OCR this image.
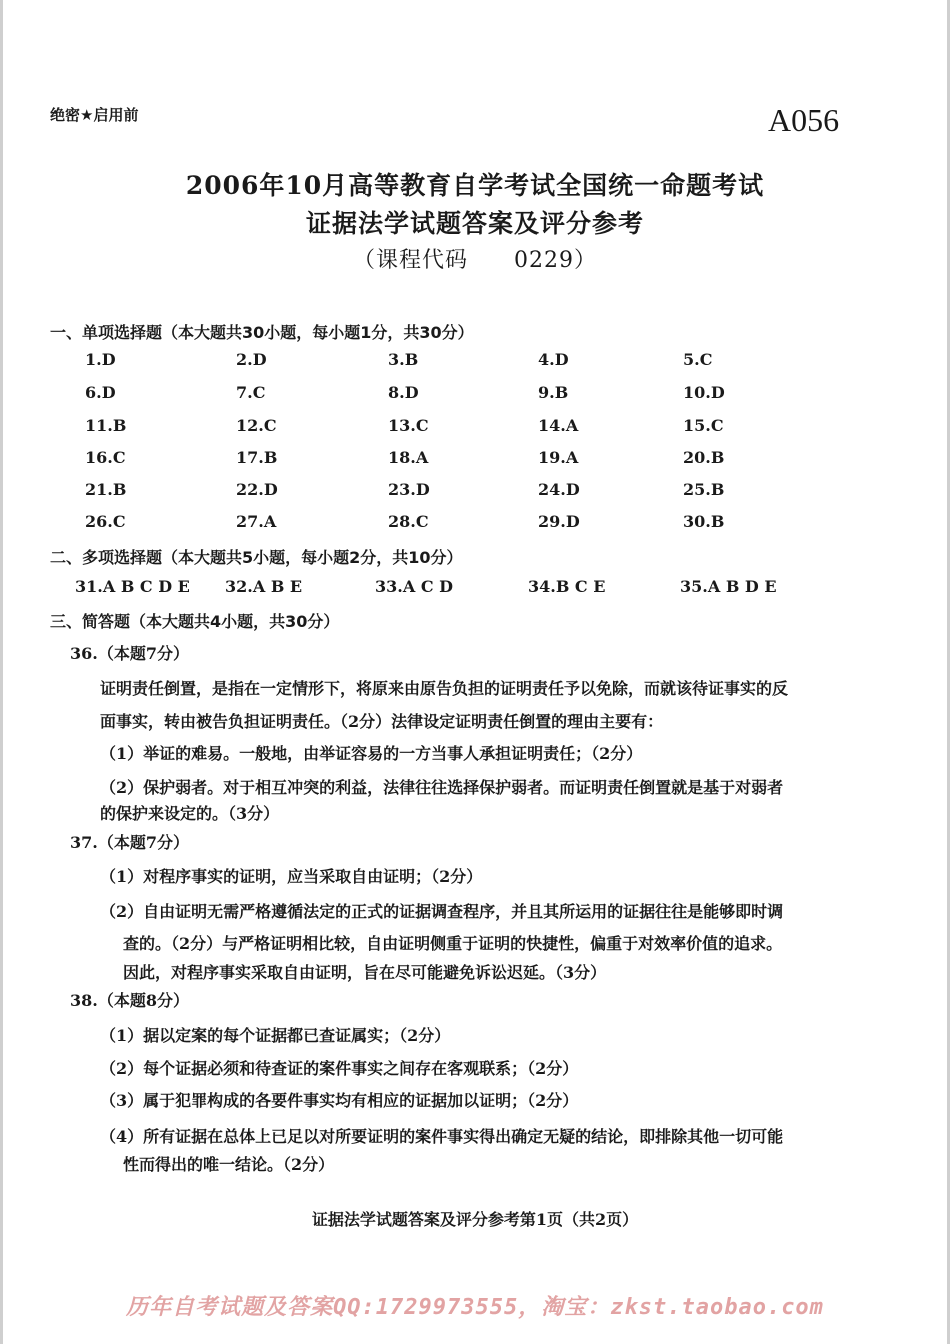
绝密★启用前	A056
2006年10月高等教育自学考试全国统一命题考试
证据法学试题答案及评分参考
（课程代码　　0229）
一、单项选择题（本大题共30小题，每小题1分，共30分）
1.D	2.D	3.B	4.D	5.C
6.D	7.C	8.D	9.B	10.D
11.B	12.C	13.C	14.A	15.C
16.C	17.B	18.A	19.A	20.B
21.B	22.D	23.D	24.D	25.B
26.C	27.A	28.C	29.D	30.B
二、多项选择题（本大题共5小题，每小题2分，共10分）
31.A B C D E 32.A B E	33.A C D	34.B C E	35.A B D E
三、简答题（本大题共4小题，共30分）
36.（本题7分）
证明责任倒置，是指在一定情形下，将原来由原告负担的证明责任予以免除，而就该待证事实的反
面事实，转由被告负担证明责任。（2分）法律设定证明责任倒置的理由主要有：
（1）举证的难易。一般地，由举证容易的一方当事人承担证明责任；（2分）
（2）保护弱者。对于相互冲突的利益，法律往往选择保护弱者。而证明责任倒置就是基于对弱者
的保护来设定的。（3分）
37.（本题7分）
（1）对程序事实的证明，应当采取自由证明；（2分）
（2）自由证明无需严格遵循法定的正式的证据调查程序，并且其所运用的证据往往是能够即时调
查的。（2分）与严格证明相比较，自由证明侧重于证明的快捷性，偏重于对效率价值的追求。
因此，对程序事实采取自由证明，旨在尽可能避免诉讼迟延。（3分）
38.（本题8分）
（1）据以定案的每个证据都已查证属实；（2分）
（2）每个证据必须和待查证的案件事实之间存在客观联系；（2分）
（3）属于犯罪构成的各要件事实均有相应的证据加以证明；（2分）
（4）所有证据在总体上已足以对所要证明的案件事实得出确定无疑的结论，即排除其他一切可能
性而得出的唯一结论。（2分）
证据法学试题答案及评分参考第1页（共2页）
历年自考试题及答案QQ:1729973555，淘宝：zkst.taobao.com
